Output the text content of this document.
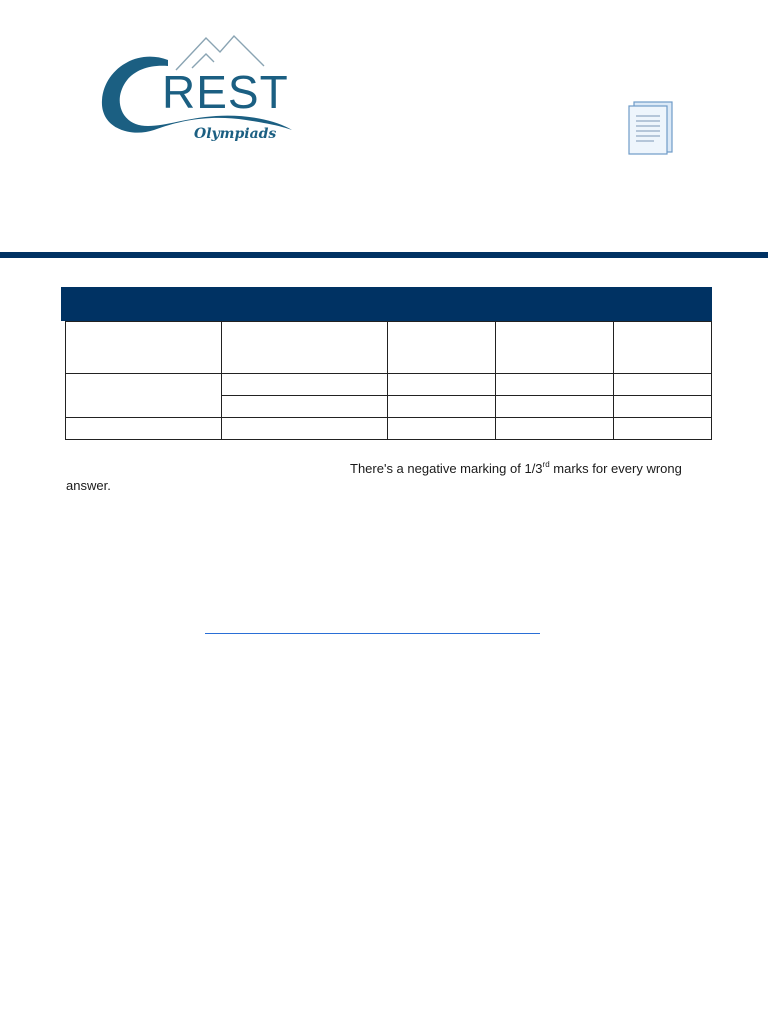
REST
Olympiads

There's a negative marking of 1/3rd marks for every wrong
answer.
